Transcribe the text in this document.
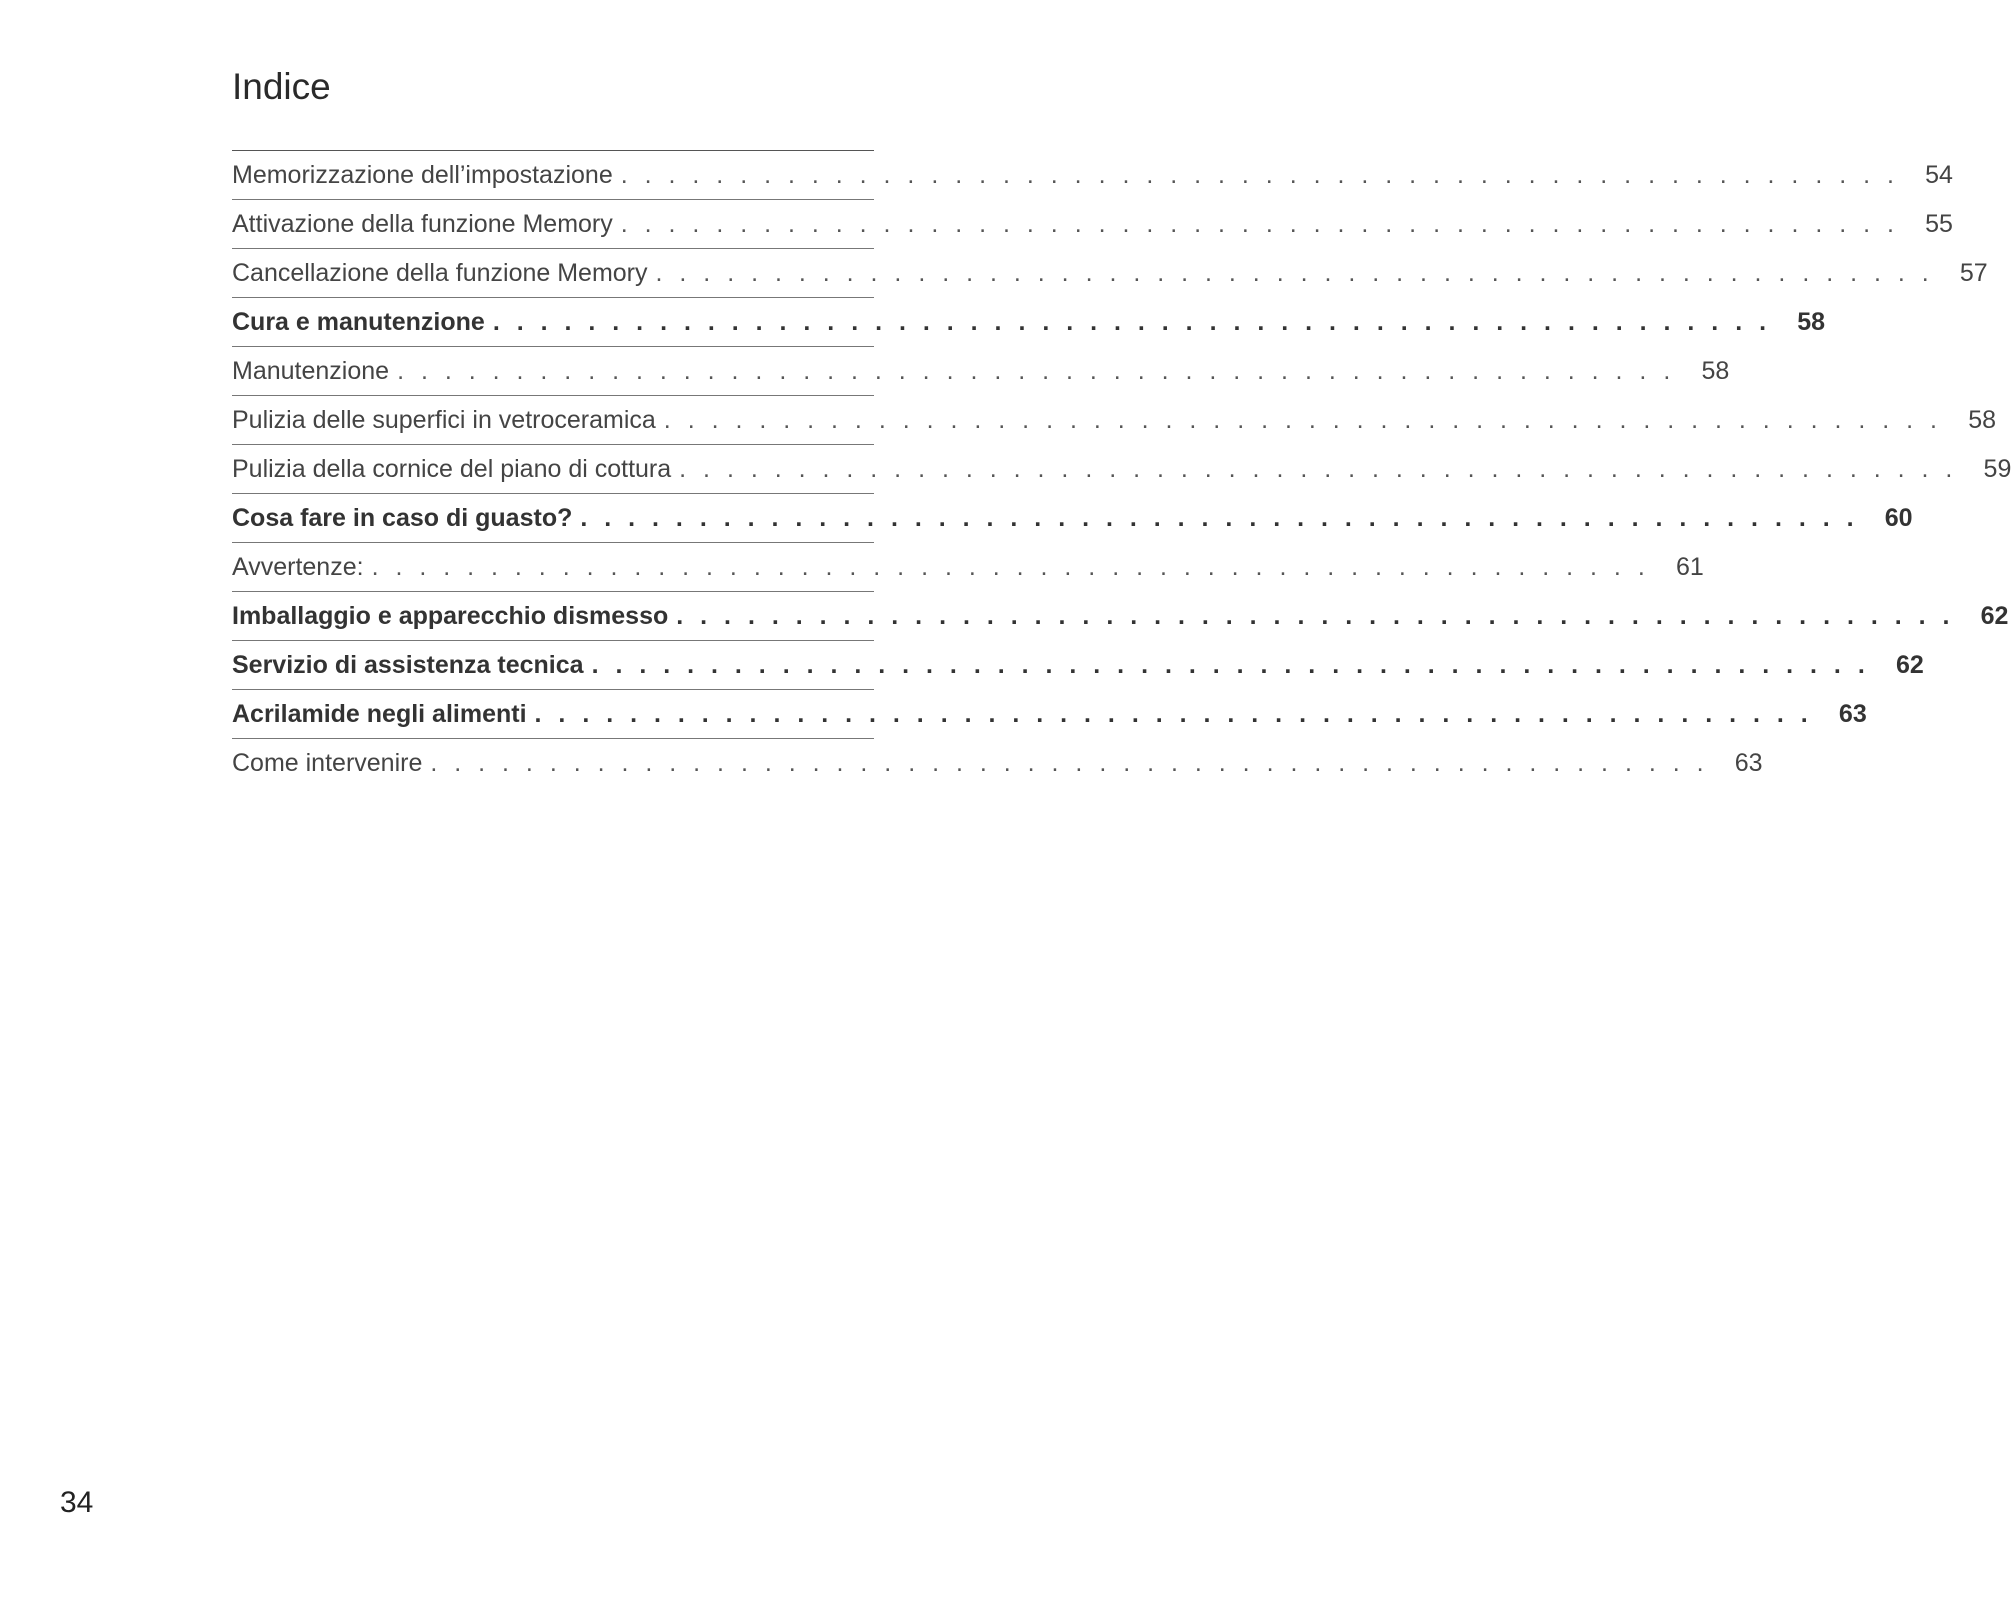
Indice
Memorizzazione dell’impostazione . . . . . . . . . . . . . . . . . . . . . . . . . . . . . . . . . . . . . . . . . . . . . . . . . . . . . . 54
Attivazione della funzione Memory . . . . . . . . . . . . . . . . . . . . . . . . . . . . . . . . . . . . . . . . . . . . . . . . . . . . . . 55
Cancellazione della funzione Memory . . . . . . . . . . . . . . . . . . . . . . . . . . . . . . . . . . . . . . . . . . . . . . . . . . . . . . 57
Cura e manutenzione . . . . . . . . . . . . . . . . . . . . . . . . . . . . . . . . . . . . . . . . . . . . . . . . . . . . . . 58
Manutenzione . . . . . . . . . . . . . . . . . . . . . . . . . . . . . . . . . . . . . . . . . . . . . . . . . . . . . . 58
Pulizia delle superfici in vetroceramica . . . . . . . . . . . . . . . . . . . . . . . . . . . . . . . . . . . . . . . . . . . . . . . . . . . . . . 58
Pulizia della cornice del piano di cottura . . . . . . . . . . . . . . . . . . . . . . . . . . . . . . . . . . . . . . . . . . . . . . . . . . . . . . 59
Cosa fare in caso di guasto? . . . . . . . . . . . . . . . . . . . . . . . . . . . . . . . . . . . . . . . . . . . . . . . . . . . . . . 60
Avvertenze: . . . . . . . . . . . . . . . . . . . . . . . . . . . . . . . . . . . . . . . . . . . . . . . . . . . . . . 61
Imballaggio e apparecchio dismesso . . . . . . . . . . . . . . . . . . . . . . . . . . . . . . . . . . . . . . . . . . . . . . . . . . . . . . 62
Servizio di assistenza tecnica . . . . . . . . . . . . . . . . . . . . . . . . . . . . . . . . . . . . . . . . . . . . . . . . . . . . . . 62
Acrilamide negli alimenti . . . . . . . . . . . . . . . . . . . . . . . . . . . . . . . . . . . . . . . . . . . . . . . . . . . . . . 63
Come intervenire . . . . . . . . . . . . . . . . . . . . . . . . . . . . . . . . . . . . . . . . . . . . . . . . . . . . . . 63
34
